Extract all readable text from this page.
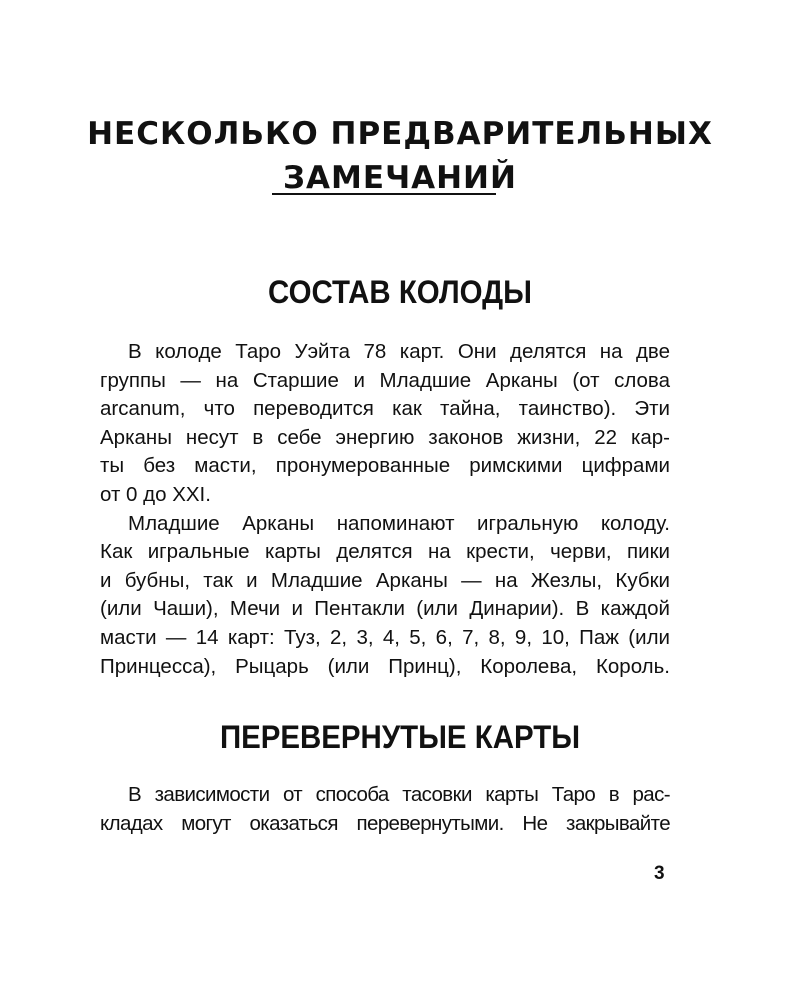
НЕСКОЛЬКО ПРЕДВАРИТЕЛЬНЫХ
ЗАМЕЧАНИЙ
СОСТАВ КОЛОДЫ

В колоде Таро Уэйта 78 карт. Они делятся на две
группы — на Старшие и Младшие Арканы (от слова
arcanum, что переводится как тайна, таинство). Эти
Арканы несут в себе энергию законов жизни, 22 кар-
ты без масти, пронумерованные римскими цифрами
от 0 до XXI.

Младшие Арканы напоминают игральную колоду.
Как игральные карты делятся на крести, черви, пики
и бубны, так и Младшие Арканы — на Жезлы, Кубки
(или Чаши), Мечи и Пентакли (или Динарии). В каждой
масти — 14 карт: Туз, 2, 3, 4, 5, 6, 7, 8, 9, 10, Паж (или
Принцесса), Рыцарь (или Принц), Королева, Король.

ПЕРЕВЕРНУТЫЕ КАРТЫ

В зависимости от способа тасовки карты Таро в рас-
кладах могут оказаться перевернутыми. Не закрывайте

3
